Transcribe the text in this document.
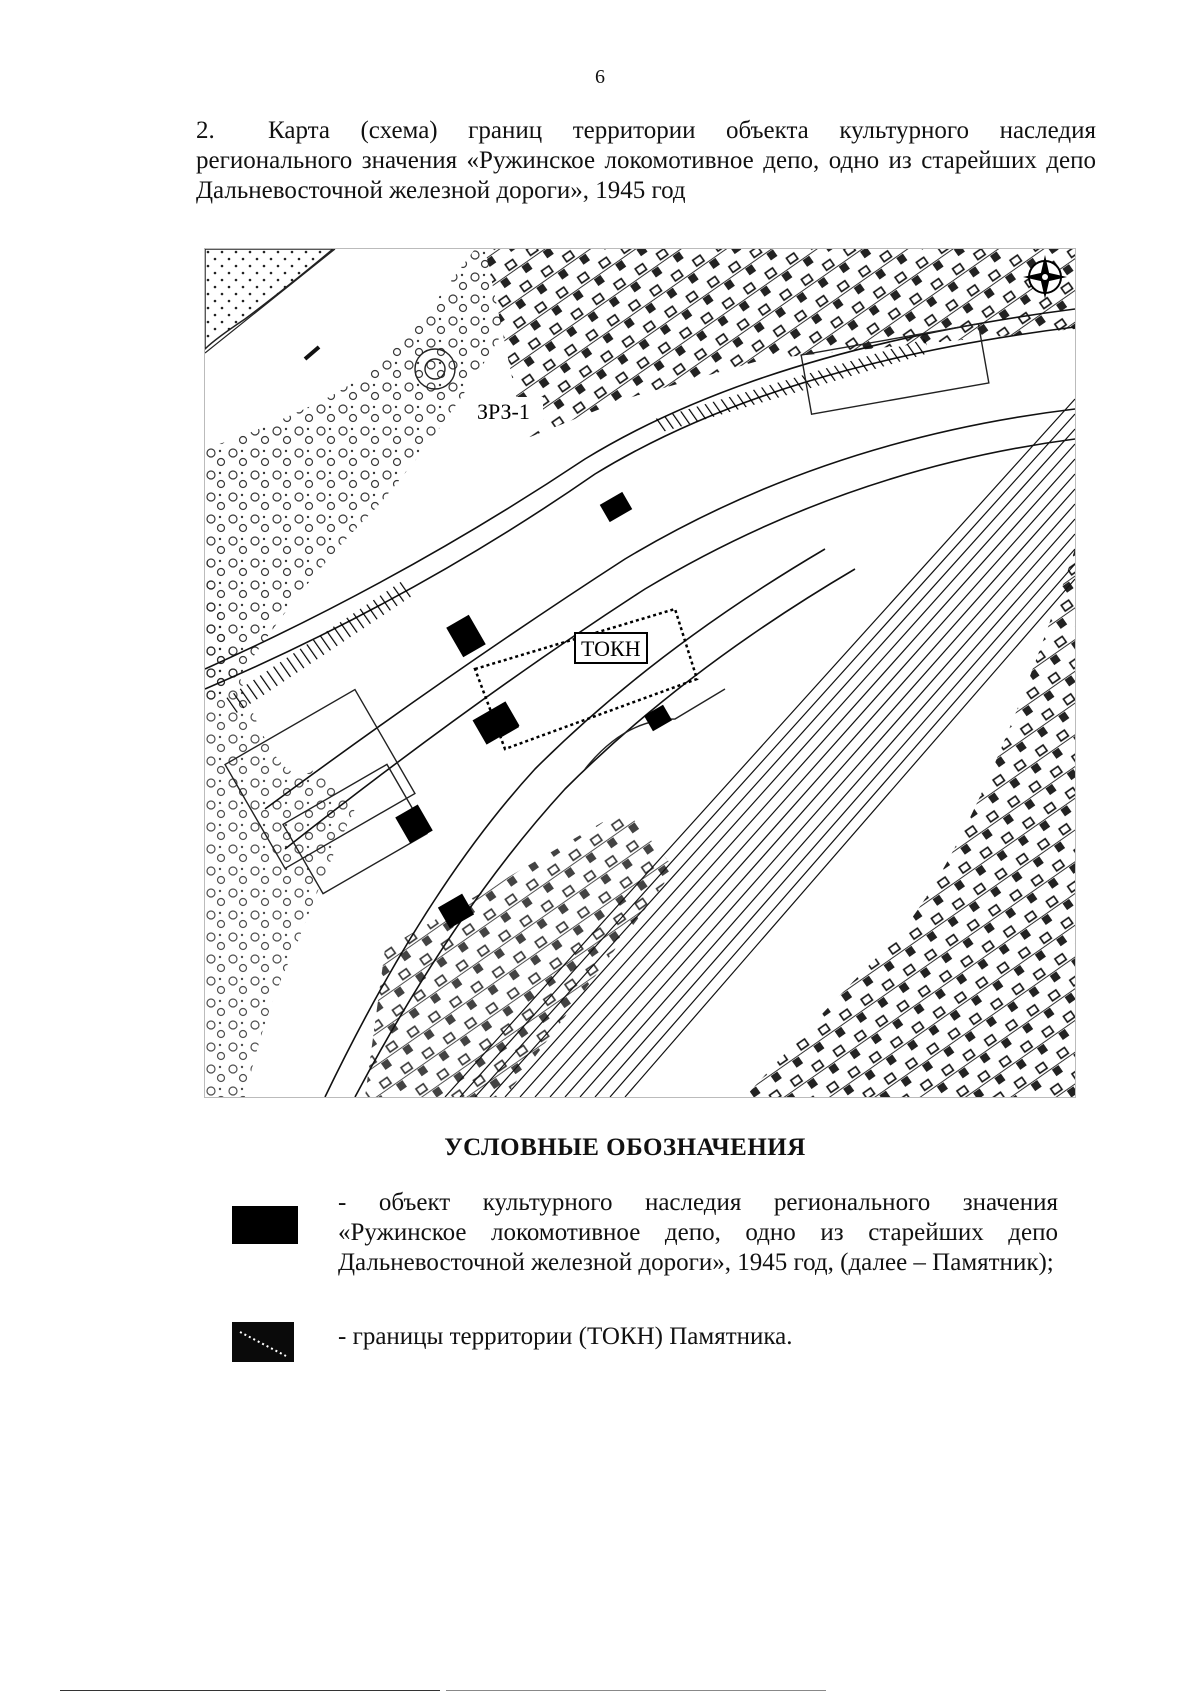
6
2. Карта (схема) границ территории объекта культурного наследия регионального значения «Ружинское локомотивное депо, одно из старейших депо Дальневосточной железной дороги», 1945 год
ЗРЗ-1
ТОКН
УСЛОВНЫЕ ОБОЗНАЧЕНИЯ
- объект культурного наследия регионального значения «Ружинское локомотивное депо, одно из старейших депо Дальневосточной железной дороги», 1945 год, (далее – Памятник);
- границы территории (ТОКН) Памятника.
